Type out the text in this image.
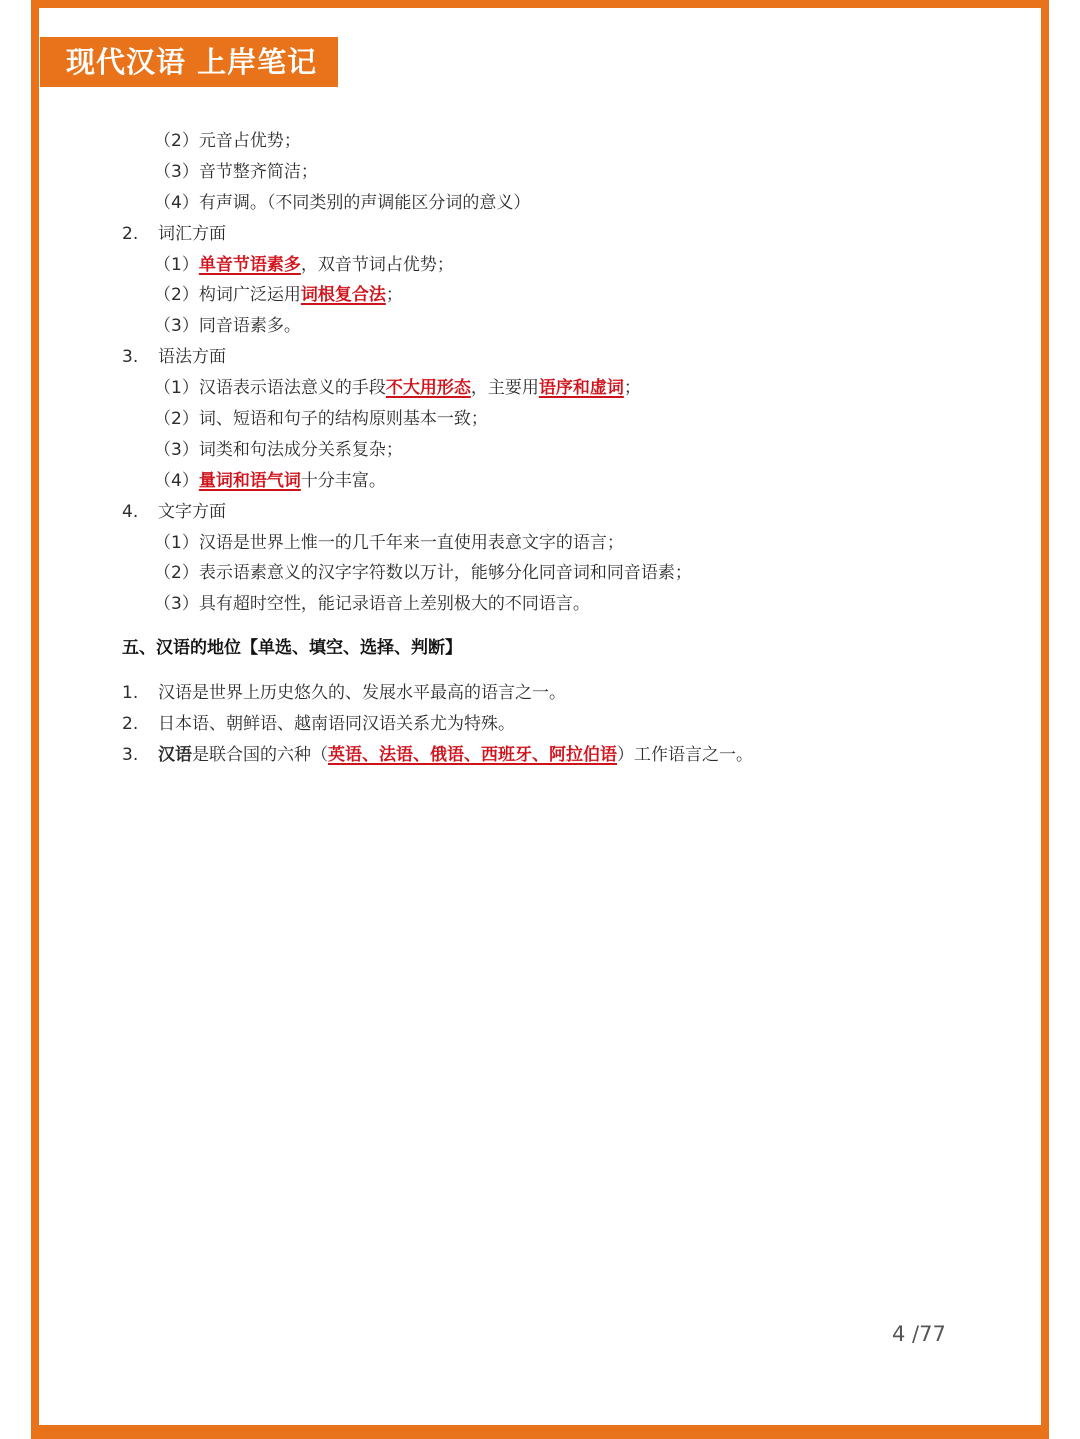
现代汉语 上岸笔记
（2）元音占优势；
（3）音节整齐简洁；
（4）有声调。（不同类别的声调能区分词的意义）
2. 词汇方面
（1）单音节语素多，双音节词占优势；
（2）构词广泛运用词根复合法；
（3）同音语素多。
3. 语法方面
（1）汉语表示语法意义的手段不大用形态，主要用语序和虚词；
（2）词、短语和句子的结构原则基本一致；
（3）词类和句法成分关系复杂；
（4）量词和语气词十分丰富。
4. 文字方面
（1）汉语是世界上惟一的几千年来一直使用表意文字的语言；
（2）表示语素意义的汉字字符数以万计，能够分化同音词和同音语素；
（3）具有超时空性，能记录语音上差别极大的不同语言。
五、汉语的地位【单选、填空、选择、判断】
1. 汉语是世界上历史悠久的、发展水平最高的语言之一。
2. 日本语、朝鲜语、越南语同汉语关系尤为特殊。
3. 汉语是联合国的六种（英语、法语、俄语、西班牙、阿拉伯语）工作语言之一。
4 /77
